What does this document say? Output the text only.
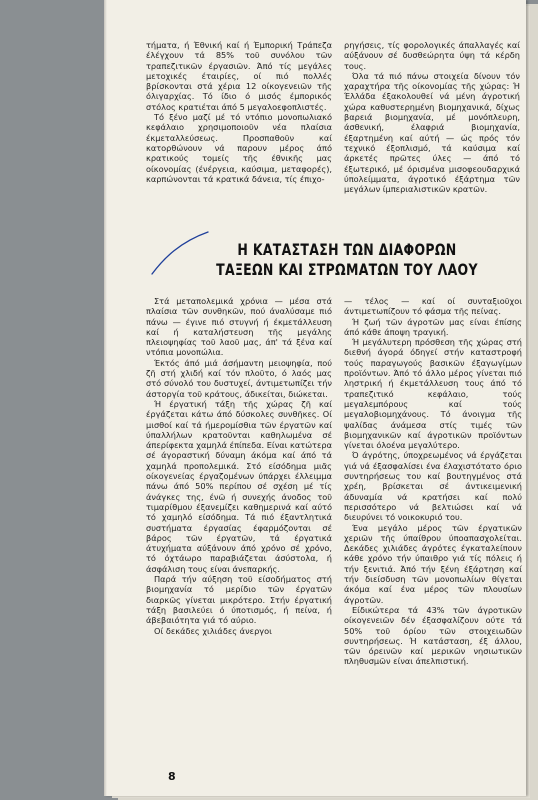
τήματα, ή Έθνική καί ή Έμπορική Τράπεζα έλέγχουν τά 85% τοῦ συνόλου τῶν τραπεζιτικῶν έργασιῶν. Άπό τίς μεγάλες μετοχικές έταιρίες, οί πιό πολλές βρίσκονται στά χέρια 12 οίκογενειῶν τῆς όλιγαρχίας. Τό ίδιο ό μισός έμπορικός στόλος κρατιέται άπό 5 μεγαλοεφοπλιστές.

Τό ξένο μαζί μέ τό ντόπιο μονοπωλιακό κεφάλαιο χρησιμοποιοῦν νέα πλαίσια έκμεταλλεύσεως. Προσπαθοῦν καί κατορθώνουν νά παρουν μέρος άπό κρατικούς τομείς τῆς έθνικῆς μας οίκονομίας (ένέργεια, καύσιμα, μεταφορές), καρπώνονται τά κρατικά δάνεια, τίς έπιχο-

ρηγήσεις, τίς φορολογικές άπαλλαγές καί αύξάνουν σέ δυσθεώρητα ύψη τά κέρδη τους.

Όλα τά πιό πάνω στοιχεία δίνουν τόν χαραχτήρα τῆς οίκονομίας τῆς χώρας: Ή Έλλάδα έξακολουθεί νά μένη άγροτική χώρα καθυστερημένη βιομηχανικά, δίχως βαρειά βιομηχανία, μέ μονόπλευρη, άσθενική, έλαφριά βιομηχανία, έξαρτημένη καί αύτή — ώς πρός τόν τεχνικό έξοπλισμό, τά καύσιμα καί άρκετές πρῶτες ύλες — άπό τό έξωτερικό, μέ όρισμένα μισοφεουδαρχικά ύπολείμματα, άγροτικό έξάρτημα τῶν μεγάλων ίμπεριαλιστικῶν κρατῶν.

Η ΚΑΤΑΣΤΑΣΗ ΤΩΝ ΔΙΑΦΟΡΩΝ
ΤΑΞΕΩΝ ΚΑΙ ΣΤΡΩΜΑΤΩΝ ΤΟΥ ΛΑΟΥ

Στά μεταπολεμικά χρόνια — μέσα στά πλαίσια τῶν συνθηκῶν, πού άναλύσαμε πιό πάνω — έγινε πιό στυγνή ή έκμετάλλευση καί ή καταλήστευση τῆς μεγάλης πλειοψηφίας τοῦ λαοῦ μας, άπ' τά ξένα καί ντόπια μονοπώλια.

Έκτός άπό μιά άσήμαντη μειοψηφία, πού ζῆ στή χλιδή καί τόν πλοῦτο, ό λαός μας στό σύνολό του δυστυχεί, άντιμετωπίζει τήν άστοργία τοῦ κράτους, άδικείται, διώκεται.

Ή έργατική τάξη τῆς χώρας ζῆ καί έργάζεται κάτω άπό δύσκολες συνθῆκες. Οί μισθοί καί τά ήμερομίσθια τῶν έργατῶν καί ύπαλλήλων κρατοῦνται καθηλωμένα σέ άπερίφεκτα χαμηλά έπίπεδα. Είναι κατώτερα σέ άγοραστική δύναμη άκόμα καί άπό τά χαμηλά προπολεμικά. Στό είσόδημα μιᾶς οίκογενείας έργαζομένων ύπάρχει έλλειμμα πάνω άπό 50% περίπου σέ σχέση μέ τίς άνάγκες της, ένῶ ή συνεχής άνοδος τοῦ τιμαρίθμου έξανεμίζει καθημερινά καί αύτό τό χαμηλό είσόδημα. Τά πιό έξαντλητικά συστήματα έργασίας έφαρμόζονται σέ βάρος τῶν έργατῶν, τά έργατικά άτυχήματα αύξάνουν άπό χρόνο σέ χρόνο, τό όχτάωρο παραβιάζεται άσύστολα, ή άσφάλιση τους είναι άνεπαρκής.

Παρά τήν αύξηση τοῦ είσοδήματος στή βιομηχανία τό μερίδιο τῶν έργατῶν διαρκῶς γίνεται μικρότερο. Στήν έργατική τάξη βασιλεύει ό ύποτισμός, ή πείνα, ή άβεβαιότητα γιά τό αύριο.

Οί δεκάδες χιλιάδες άνεργοι

— τέλος — καί οί συνταξιοῦχοι άντιμετωπίζουν τό φάσμα τῆς πείνας.

Ή ζωή τῶν άγροτῶν μας είναι έπίσης άπό κάθε άποψη τραγική.

Ή μεγάλυτερη πρόσθεση τῆς χώρας στή διεθνή άγορά όδηγεί στήν καταστροφή τούς παραγωγούς βασικῶν έξαγωγίμων προϊόντων. Άπό τό άλλο μέρος γίνεται πιό ληστρική ή έκμετάλλευση τους άπό τό τραπεζιτικό κεφάλαιο, τούς μεγαλεμπόρους καί τούς μεγαλοβιομηχάνους. Τό άνοιγμα τῆς ψαλίδας άνάμεσα στίς τιμές τῶν βιομηχανικῶν καί άγροτικῶν προϊόντων γίνεται όλοένα μεγαλύτερο.

Ό άγρότης, ύποχρεωμένος νά έργάζεται γιά νά έξασφαλίσει ένα έλαχιστότατο όριο συντηρήσεως του καί βουτηγμένος στά χρέη, βρίσκεται σέ άντικειμενική άδυναμία νά κρατήσει καί πολύ περισσότερο νά βελτιώσει καί νά διευρύνει τό νοικοκυριό του.

Ένα μεγάλο μέρος τῶν έργατικῶν χεριῶν τῆς ύπαίθρου ύποαπασχολείται. Δεκάδες χιλιάδες άγρότες έγκαταλείπουν κάθε χρόνο τήν ύπαιθρο γιά τίς πόλεις ή τήν ξενιτιά. Άπό τήν ξένη έξάρτηση καί τήν διείσδυση τῶν μονοπωλίων θίγεται άκόμα καί ένα μέρος τῶν πλουσίων άγροτῶν.

Είδικώτερα τά 43% τῶν άγροτικῶν οίκογενειῶν δέν έξασφαλίζουν ούτε τά 50% τοῦ όρίου τῶν στοιχειωδῶν συντηρήσεως. Ή κατάσταση, έξ άλλου, τῶν όρεινῶν καί μερικῶν νησιωτικῶν πληθυσμῶν είναι άπελπιστική.

8
